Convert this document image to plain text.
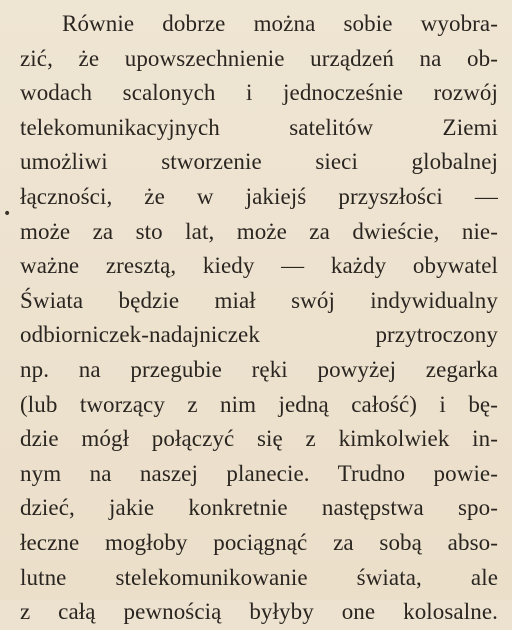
•
Równie dobrze można sobie wyobra-
zić, że upowszechnienie urządzeń na ob-
wodach scalonych i jednocześnie rozwój
telekomunikacyjnych satelitów Ziemi
umożliwi stworzenie sieci globalnej
łączności, że w jakiejś przyszłości —
może za sto lat, może za dwieście, nie-
ważne zresztą, kiedy — każdy obywatel
Świata będzie miał swój indywidualny
odbiorniczek-nadajniczek przytroczony
np. na przegubie ręki powyżej zegarka
(lub tworzący z nim jedną całość) i bę-
dzie mógł połączyć się z kimkolwiek in-
nym na naszej planecie. Trudno powie-
dzieć, jakie konkretnie następstwa spo-
łeczne mogłoby pociągnąć za sobą abso-
lutne stelekomunikowanie świata, ale
z całą pewnością byłyby one kolosalne.
